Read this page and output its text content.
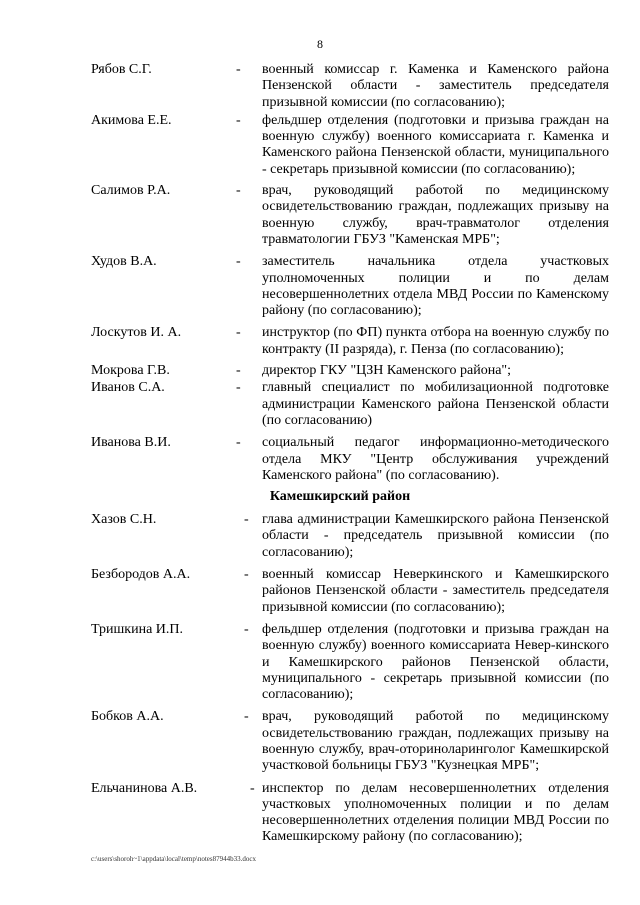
8
Рябов С.Г.	- военный комиссар г. Каменка и Каменского района Пензенской области - заместитель председателя призывной комиссии (по согласованию);
Акимова Е.Е.	- фельдшер отделения (подготовки и призыва граждан на военную службу) военного комиссариата г. Каменка и Каменского района Пензенской области, муниципального - секретарь призывной комиссии (по согласованию);
Салимов Р.А.	- врач, руководящий работой по медицинскому освидетельствованию граждан, подлежащих призыву на военную службу, врач-травматолог отделения травматологии ГБУЗ "Каменская МРБ";
Худов В.А.	- заместитель начальника отдела участковых уполномоченных полиции и по делам несовершеннолетних отдела МВД России по Каменскому району (по согласованию);
Лоскутов И. А.	- инструктор (по ФП) пункта отбора на военную службу по контракту (II разряда), г. Пенза (по согласованию);
Мокрова Г.В.	- директор ГКУ "ЦЗН Каменского района";
Иванов С.А.	- главный специалист по мобилизационной подготовке администрации Каменского района Пензенской области (по согласованию)
Иванова В.И.	- социальный педагог информационно-методического отдела МКУ "Центр обслуживания учреждений Каменского района" (по согласованию).
Камешкирский район
Хазов С.Н.	- глава администрации Камешкирского района Пензенской области - председатель призывной комиссии (по согласованию);
Безбородов А.А.	- военный комиссар Неверкинского и Камешкирского районов Пензенской области - заместитель председателя призывной комиссии (по согласованию);
Тришкина И.П.	- фельдшер отделения (подготовки и призыва граждан на военную службу) военного комиссариата Невер-кинского и Камешкирского районов Пензенской области, муниципального - секретарь призывной комиссии (по согласованию);
Бобков А.А.	- врач, руководящий работой по медицинскому освидетельствованию граждан, подлежащих призыву на военную службу, врач-оториноларинголог Камешкирской участковой больницы ГБУЗ "Кузнецкая МРБ";
Ельчанинова А.В.	- инспектор по делам несовершеннолетних отделения участковых уполномоченных полиции и по делам несовершеннолетних отделения полиции МВД России по Камешкирскому району (по согласованию);
c:\users\shoroh~1\appdata\local\temp\notes87944b33.docx
